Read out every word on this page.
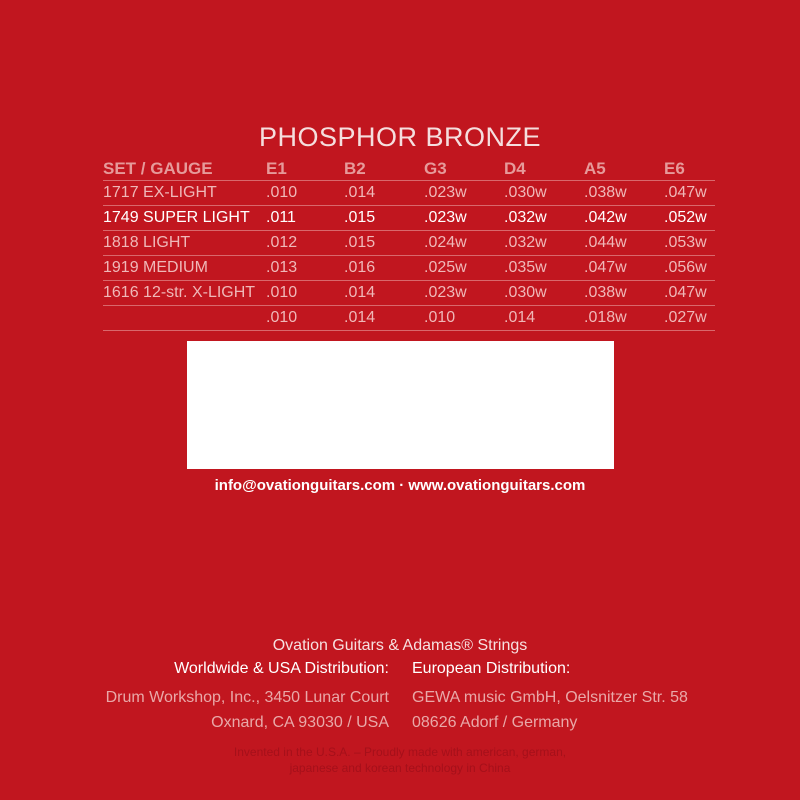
PHOSPHOR BRONZE
SET / GAUGE	E1	B2	G3	D4	A5	E6
1717 EX-LIGHT	.010	.014	.023w	.030w	.038w	.047w
1749 SUPER LIGHT	.011	.015	.023w	.032w	.042w	.052w
1818 LIGHT	.012	.015	.024w	.032w	.044w	.053w
1919 MEDIUM	.013	.016	.025w	.035w	.047w	.056w
1616 12-str. X-LIGHT	.010	.014	.023w	.030w	.038w	.047w
	.010	.014	.010	.014	.018w	.027w
info@ovationguitars.com · www.ovationguitars.com
Ovation Guitars & Adamas® Strings
Worldwide & USA Distribution: European Distribution:
Drum Workshop, Inc., 3450 Lunar Court GEWA music GmbH, Oelsnitzer Str. 58
Oxnard, CA 93030 / USA 08626 Adorf / Germany
Invented in the U.S.A. – Proudly made with american, german,
japanese and korean technology in China
